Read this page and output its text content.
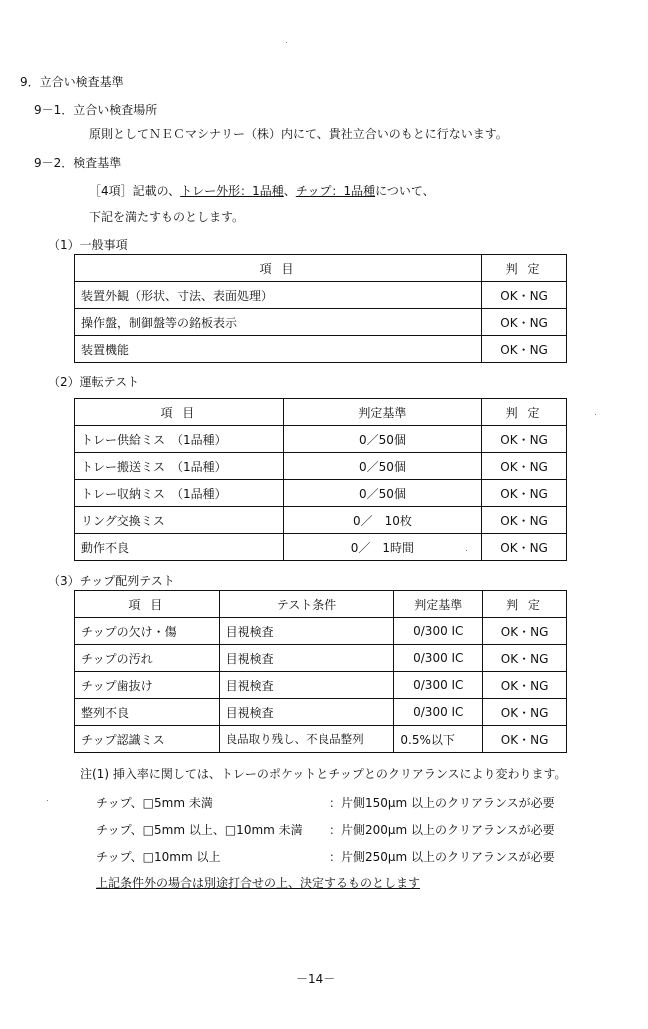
9．立合い検査基準
9－1．立合い検査場所
原則としてＮＥＣマシナリー（株）内にて、貴社立合いのもとに行ないます。
9－2．検査基準
［4項］記載の、トレー外形：1品種、チップ：1品種について、
下記を満たすものとします。
（1）一般事項
項 目	判 定
装置外観（形状、寸法、表面処理）	OK・NG
操作盤，制御盤等の銘板表示	OK・NG
装置機能	OK・NG
（2）運転テスト
項 目	判定基準	判 定
トレー供給ミス　（1品種）	0／50個	OK・NG
トレー搬送ミス　（1品種）	0／50個	OK・NG
トレー収納ミス　（1品種）	0／50個	OK・NG
リング交換ミス	0／　10枚	OK・NG
動作不良	0／　1時間	OK・NG
（3）チップ配列テスト
項 目	テスト条件	判定基準	判 定
チップの欠け・傷	目視検査	0/300 IC	OK・NG
チップの汚れ	目視検査	0/300 IC	OK・NG
チップ歯抜け	目視検査	0/300 IC	OK・NG
整列不良	目視検査	0/300 IC	OK・NG
チップ認識ミス	良品取り残し、不良品整列	0.5%以下	OK・NG
注(1) 挿入率に関しては、トレーのポケットとチップとのクリアランスにより変わります。
チップ、□5mm 未満	：片側150μm 以上のクリアランスが必要
チップ、□5mm 以上、□10mm 未満 ：片側200μm 以上のクリアランスが必要
チップ、□10mm 以上	：片側250μm 以上のクリアランスが必要
上記条件外の場合は別途打合せの上、決定するものとします
－14－
